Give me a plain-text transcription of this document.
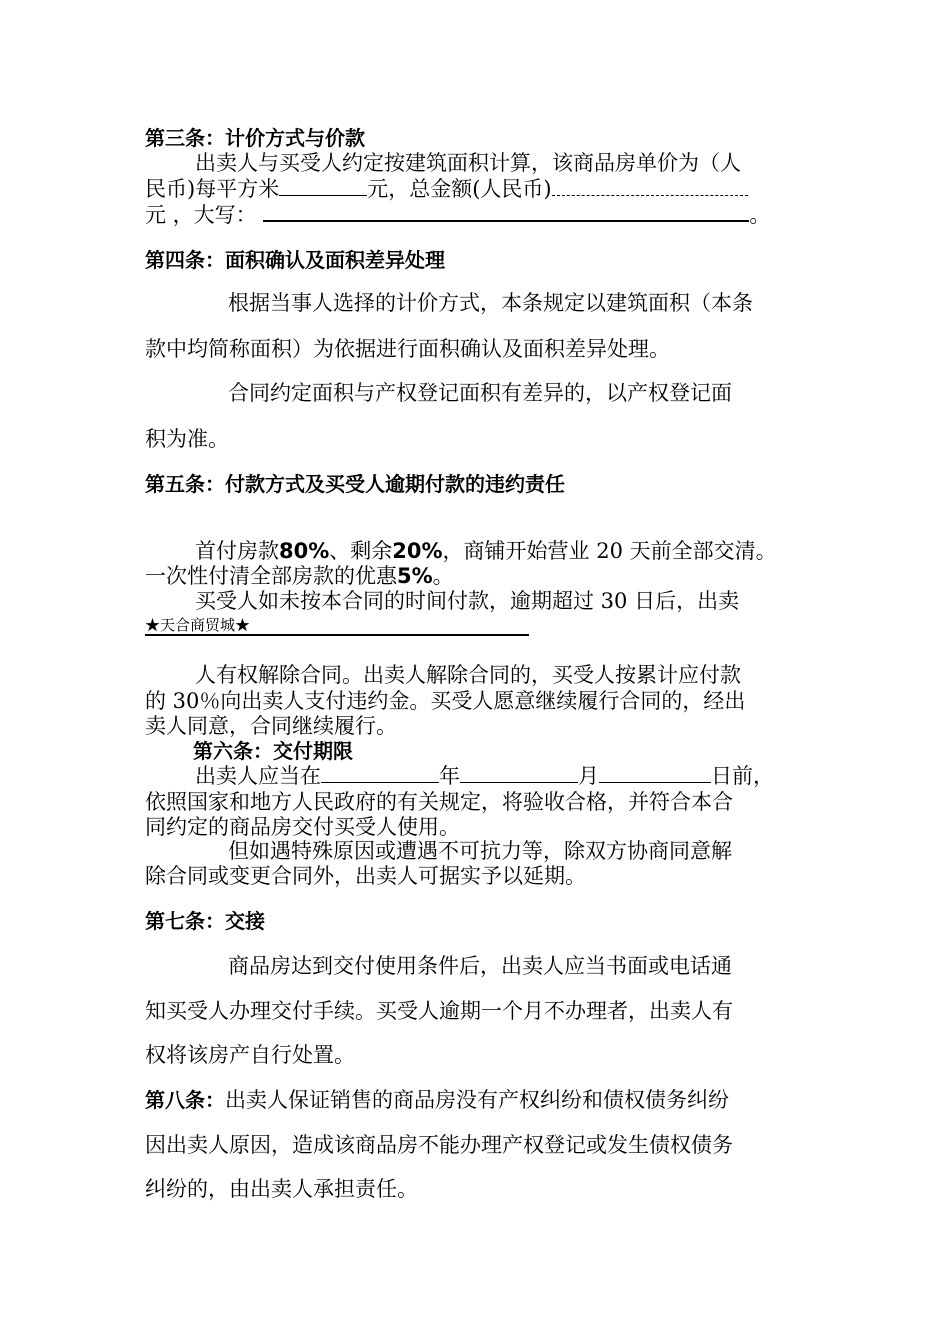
第三条：计价方式与价款
出卖人与买受人约定按建筑面积计算，该商品房单价为（人
民币)每平方米	元，总金额(人民币)
元 ，大写：	。
第四条：面积确认及面积差异处理
根据当事人选择的计价方式，本条规定以建筑面积（本条
款中均简称面积）为依据进行面积确认及面积差异处理。
合同约定面积与产权登记面积有差异的，以产权登记面
积为准。
第五条：付款方式及买受人逾期付款的违约责任
首付房款80%、剩余20%，商铺开始营业 20 天前全部交清。
一次性付清全部房款的优惠5%。
买受人如未按本合同的时间付款，逾期超过 30 日后，出卖
★天合商贸城★
人有权解除合同。出卖人解除合同的，买受人按累计应付款
的 30％向出卖人支付违约金。买受人愿意继续履行合同的，经出
卖人同意，合同继续履行。
第六条：交付期限
出卖人应当在	年	月	日前，
依照国家和地方人民政府的有关规定，将验收合格，并符合本合
同约定的商品房交付买受人使用。
但如遇特殊原因或遭遇不可抗力等，除双方协商同意解
除合同或变更合同外，出卖人可据实予以延期。
第七条：交接
商品房达到交付使用条件后，出卖人应当书面或电话通
知买受人办理交付手续。买受人逾期一个月不办理者，出卖人有
权将该房产自行处置。
第八条：出卖人保证销售的商品房没有产权纠纷和债权债务纠纷
因出卖人原因，造成该商品房不能办理产权登记或发生债权债务
纠纷的，由出卖人承担责任。
